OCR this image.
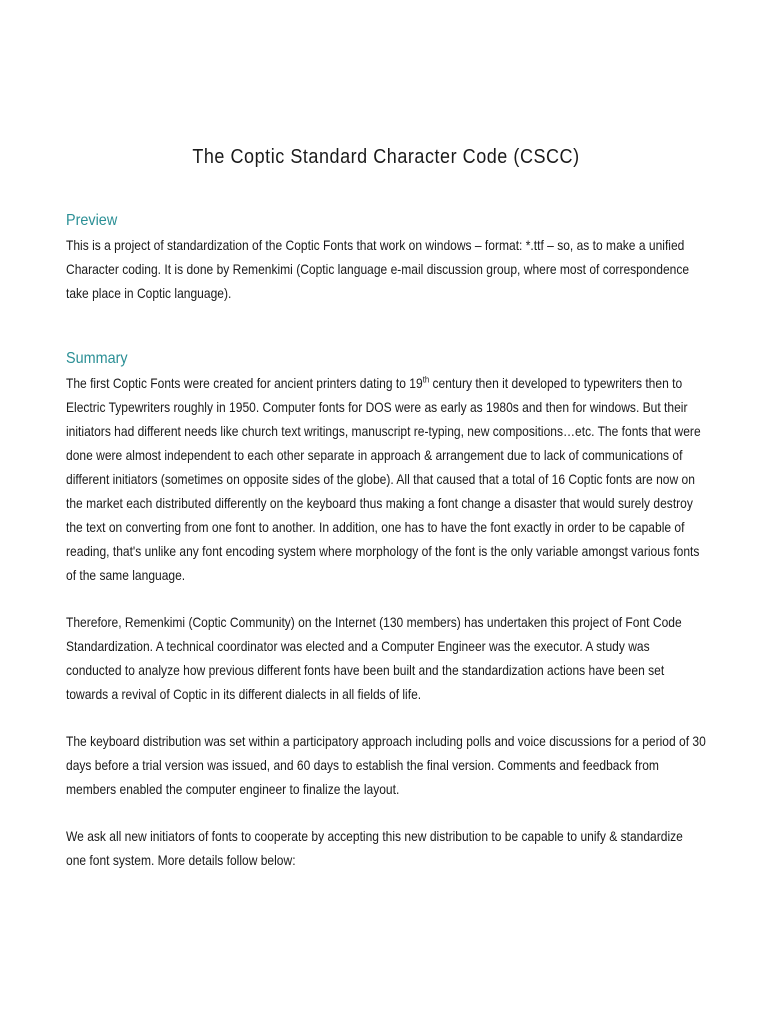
The Coptic Standard Character Code (CSCC)
Preview

This is a project of standardization of the Coptic Fonts that work on windows – format: *.ttf – so, as to make a unified Character coding. It is done by Remenkimi (Coptic language e-mail discussion group, where most of correspondence take place in Coptic language).

Summary

The first Coptic Fonts were created for ancient printers dating to 19th century then it developed to typewriters then to Electric Typewriters roughly in 1950. Computer fonts for DOS were as early as 1980s and then for windows. But their initiators had different needs like church text writings, manuscript re-typing, new compositions…etc. The fonts that were done were almost independent to each other separate in approach & arrangement due to lack of communications of different initiators (sometimes on opposite sides of the globe). All that caused that a total of 16 Coptic fonts are now on the market each distributed differently on the keyboard thus making a font change a disaster that would surely destroy the text on converting from one font to another. In addition, one has to have the font exactly in order to be capable of reading, that's unlike any font encoding system where morphology of the font is the only variable amongst various fonts of the same language.

Therefore, Remenkimi (Coptic Community) on the Internet (130 members) has undertaken this project of Font Code Standardization. A technical coordinator was elected and a Computer Engineer was the executor. A study was conducted to analyze how previous different fonts have been built and the standardization actions have been set towards a revival of Coptic in its different dialects in all fields of life.

The keyboard distribution was set within a participatory approach including polls and voice discussions for a period of 30 days before a trial version was issued, and 60 days to establish the final version. Comments and feedback from members enabled the computer engineer to finalize the layout.

We ask all new initiators of fonts to cooperate by accepting this new distribution to be capable to unify & standardize one font system. More details follow below:
